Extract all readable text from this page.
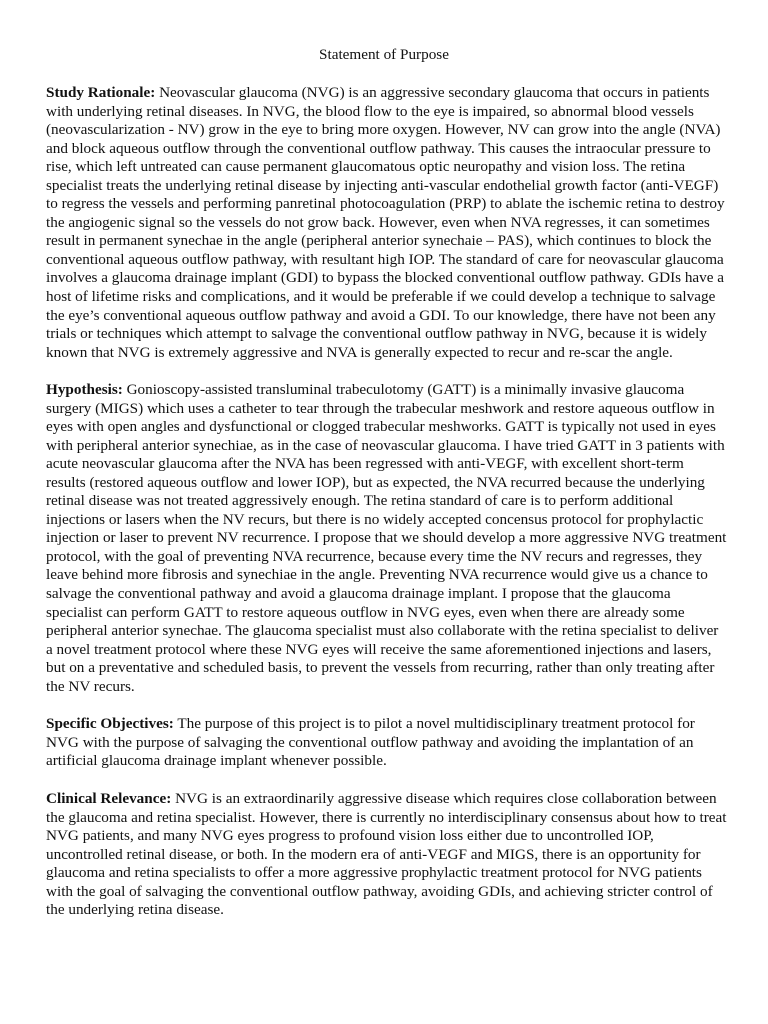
Statement of Purpose

Study Rationale: Neovascular glaucoma (NVG) is an aggressive secondary glaucoma that occurs in patients
with underlying retinal diseases. In NVG, the blood flow to the eye is impaired, so abnormal blood vessels
(neovascularization - NV) grow in the eye to bring more oxygen. However, NV can grow into the angle (NVA)
and block aqueous outflow through the conventional outflow pathway. This causes the intraocular pressure to
rise, which left untreated can cause permanent glaucomatous optic neuropathy and vision loss. The retina
specialist treats the underlying retinal disease by injecting anti-vascular endothelial growth factor (anti-VEGF)
to regress the vessels and performing panretinal photocoagulation (PRP) to ablate the ischemic retina to destroy
the angiogenic signal so the vessels do not grow back. However, even when NVA regresses, it can sometimes
result in permanent synechae in the angle (peripheral anterior synechaie – PAS), which continues to block the
conventional aqueous outflow pathway, with resultant high IOP. The standard of care for neovascular glaucoma
involves a glaucoma drainage implant (GDI) to bypass the blocked conventional outflow pathway. GDIs have a
host of lifetime risks and complications, and it would be preferable if we could develop a technique to salvage
the eye’s conventional aqueous outflow pathway and avoid a GDI. To our knowledge, there have not been any
trials or techniques which attempt to salvage the conventional outflow pathway in NVG, because it is widely
known that NVG is extremely aggressive and NVA is generally expected to recur and re-scar the angle.

Hypothesis: Gonioscopy-assisted transluminal trabeculotomy (GATT) is a minimally invasive glaucoma
surgery (MIGS) which uses a catheter to tear through the trabecular meshwork and restore aqueous outflow in
eyes with open angles and dysfunctional or clogged trabecular meshworks. GATT is typically not used in eyes
with peripheral anterior synechiae, as in the case of neovascular glaucoma. I have tried GATT in 3 patients with
acute neovascular glaucoma after the NVA has been regressed with anti-VEGF, with excellent short-term
results (restored aqueous outflow and lower IOP), but as expected, the NVA recurred because the underlying
retinal disease was not treated aggressively enough. The retina standard of care is to perform additional
injections or lasers when the NV recurs, but there is no widely accepted concensus protocol for prophylactic
injection or laser to prevent NV recurrence. I propose that we should develop a more aggressive NVG treatment
protocol, with the goal of preventing NVA recurrence, because every time the NV recurs and regresses, they
leave behind more fibrosis and synechiae in the angle. Preventing NVA recurrence would give us a chance to
salvage the conventional pathway and avoid a glaucoma drainage implant. I propose that the glaucoma
specialist can perform GATT to restore aqueous outflow in NVG eyes, even when there are already some
peripheral anterior synechae. The glaucoma specialist must also collaborate with the retina specialist to deliver
a novel treatment protocol where these NVG eyes will receive the same aforementioned injections and lasers,
but on a preventative and scheduled basis, to prevent the vessels from recurring, rather than only treating after
the NV recurs.

Specific Objectives: The purpose of this project is to pilot a novel multidisciplinary treatment protocol for
NVG with the purpose of salvaging the conventional outflow pathway and avoiding the implantation of an
artificial glaucoma drainage implant whenever possible.

Clinical Relevance: NVG is an extraordinarily aggressive disease which requires close collaboration between
the glaucoma and retina specialist. However, there is currently no interdisciplinary consensus about how to treat
NVG patients, and many NVG eyes progress to profound vision loss either due to uncontrolled IOP,
uncontrolled retinal disease, or both. In the modern era of anti-VEGF and MIGS, there is an opportunity for
glaucoma and retina specialists to offer a more aggressive prophylactic treatment protocol for NVG patients
with the goal of salvaging the conventional outflow pathway, avoiding GDIs, and achieving stricter control of
the underlying retina disease.
